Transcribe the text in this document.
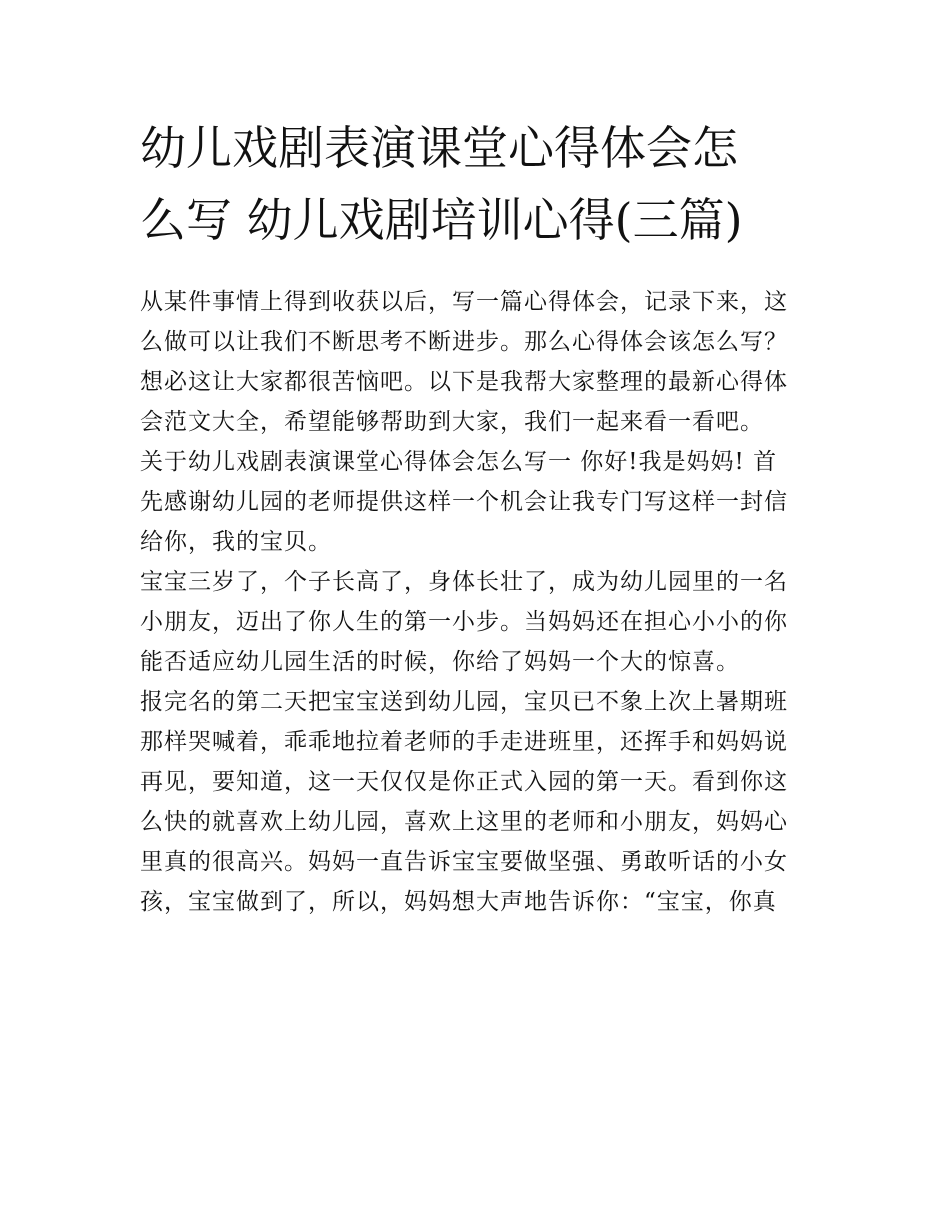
幼儿戏剧表演课堂心得体会怎
么写 幼儿戏剧培训心得(三篇)
从某件事情上得到收获以后，写一篇心得体会，记录下来，这
么做可以让我们不断思考不断进步。那么心得体会该怎么写？
想必这让大家都很苦恼吧。以下是我帮大家整理的最新心得体
会范文大全，希望能够帮助到大家，我们一起来看一看吧。
关于幼儿戏剧表演课堂心得体会怎么写一 你好!我是妈妈! 首
先感谢幼儿园的老师提供这样一个机会让我专门写这样一封信
给你，我的宝贝。
宝宝三岁了，个子长高了，身体长壮了，成为幼儿园里的一名
小朋友，迈出了你人生的第一小步。当妈妈还在担心小小的你
能否适应幼儿园生活的时候，你给了妈妈一个大的惊喜。
报完名的第二天把宝宝送到幼儿园，宝贝已不象上次上暑期班
那样哭喊着，乖乖地拉着老师的手走进班里，还挥手和妈妈说
再见，要知道，这一天仅仅是你正式入园的第一天。看到你这
么快的就喜欢上幼儿园，喜欢上这里的老师和小朋友，妈妈心
里真的很高兴。妈妈一直告诉宝宝要做坚强、勇敢听话的小女
孩，宝宝做到了，所以，妈妈想大声地告诉你：“宝宝，你真
